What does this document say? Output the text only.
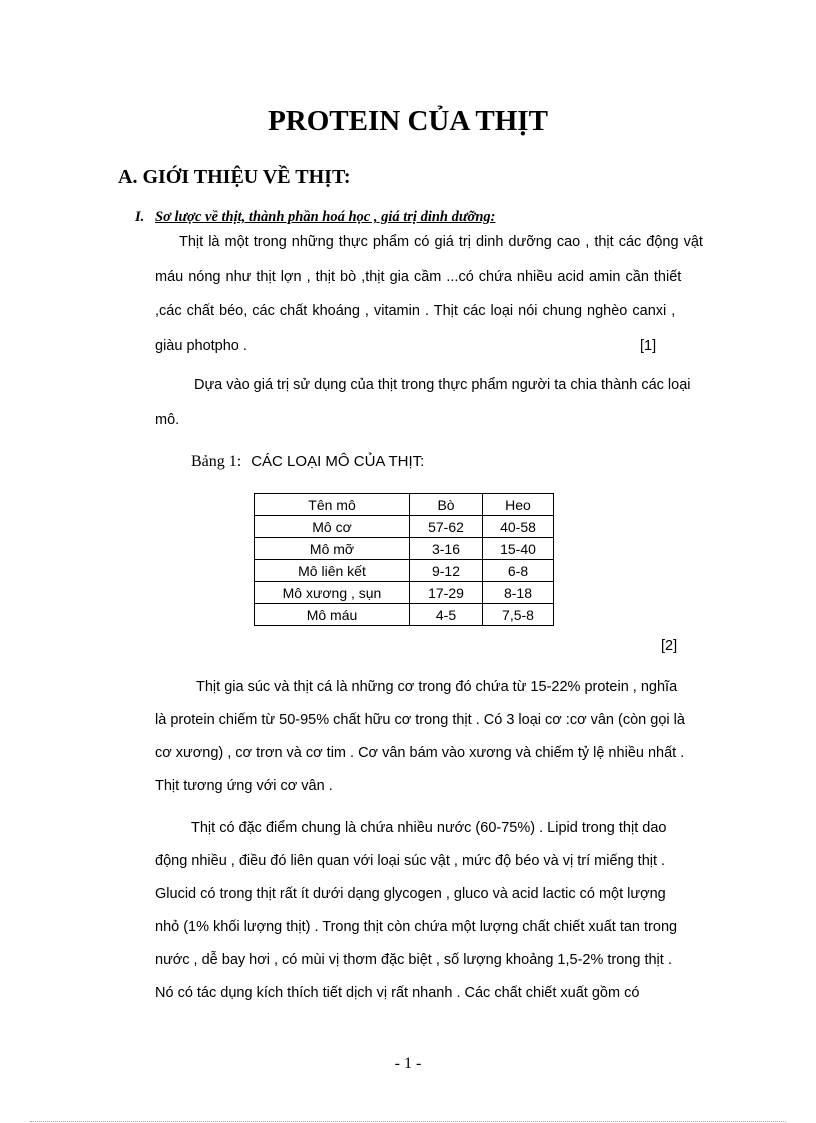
PROTEIN CỦA THỊT
A. GIỚI THIỆU VỀ THỊT:
I. Sơ lược về thịt, thành phần hoá học , giá trị dinh dưỡng:
Thịt là một trong những thực phẩm có giá trị dinh dưỡng cao , thịt các động vật
máu nóng như thịt lợn , thịt bò ,thịt gia cầm ...có chứa nhiều acid amin cần thiết
,các chất béo, các chất khoáng , vitamin . Thịt các loại nói chung nghèo canxi ,
giàu photpho .	[1]
Dựa vào giá trị sử dụng của thịt trong thực phẩm người ta chia thành các loại
mô.
Bảng 1: CÁC LOẠI MÔ CỦA THỊT:
Tên mô	Bò	Heo
Mô cơ	57-62	40-58
Mô mỡ	3-16	15-40
Mô liên kết	9-12	6-8
Mô xương , sụn	17-29	8-18
Mô máu	4-5	7,5-8
[2]
Thịt gia súc và thịt cá là những cơ trong đó chứa từ 15-22% protein , nghĩa
là protein chiếm từ 50-95% chất hữu cơ trong thịt . Có 3 loại cơ :cơ vân (còn gọi là
cơ xương) , cơ trơn và cơ tim . Cơ vân bám vào xương và chiếm tỷ lệ nhiều nhất .
Thịt tương ứng với cơ vân .
Thịt có đặc điểm chung là chứa nhiều nước (60-75%) . Lipid trong thịt dao
động nhiều , điều đó liên quan với loại súc vật , mức độ béo và vị trí miếng thịt .
Glucid có trong thịt rất ít dưới dạng glycogen , gluco và acid lactic có một lượng
nhỏ (1% khối lượng thịt) . Trong thịt còn chứa một lượng chất chiết xuất tan trong
nước , dễ bay hơi , có mùi vị thơm đặc biệt , số lượng khoảng 1,5-2% trong thịt .
Nó có tác dụng kích thích tiết dịch vị rất nhanh . Các chất chiết xuất gồm có
- 1 -
